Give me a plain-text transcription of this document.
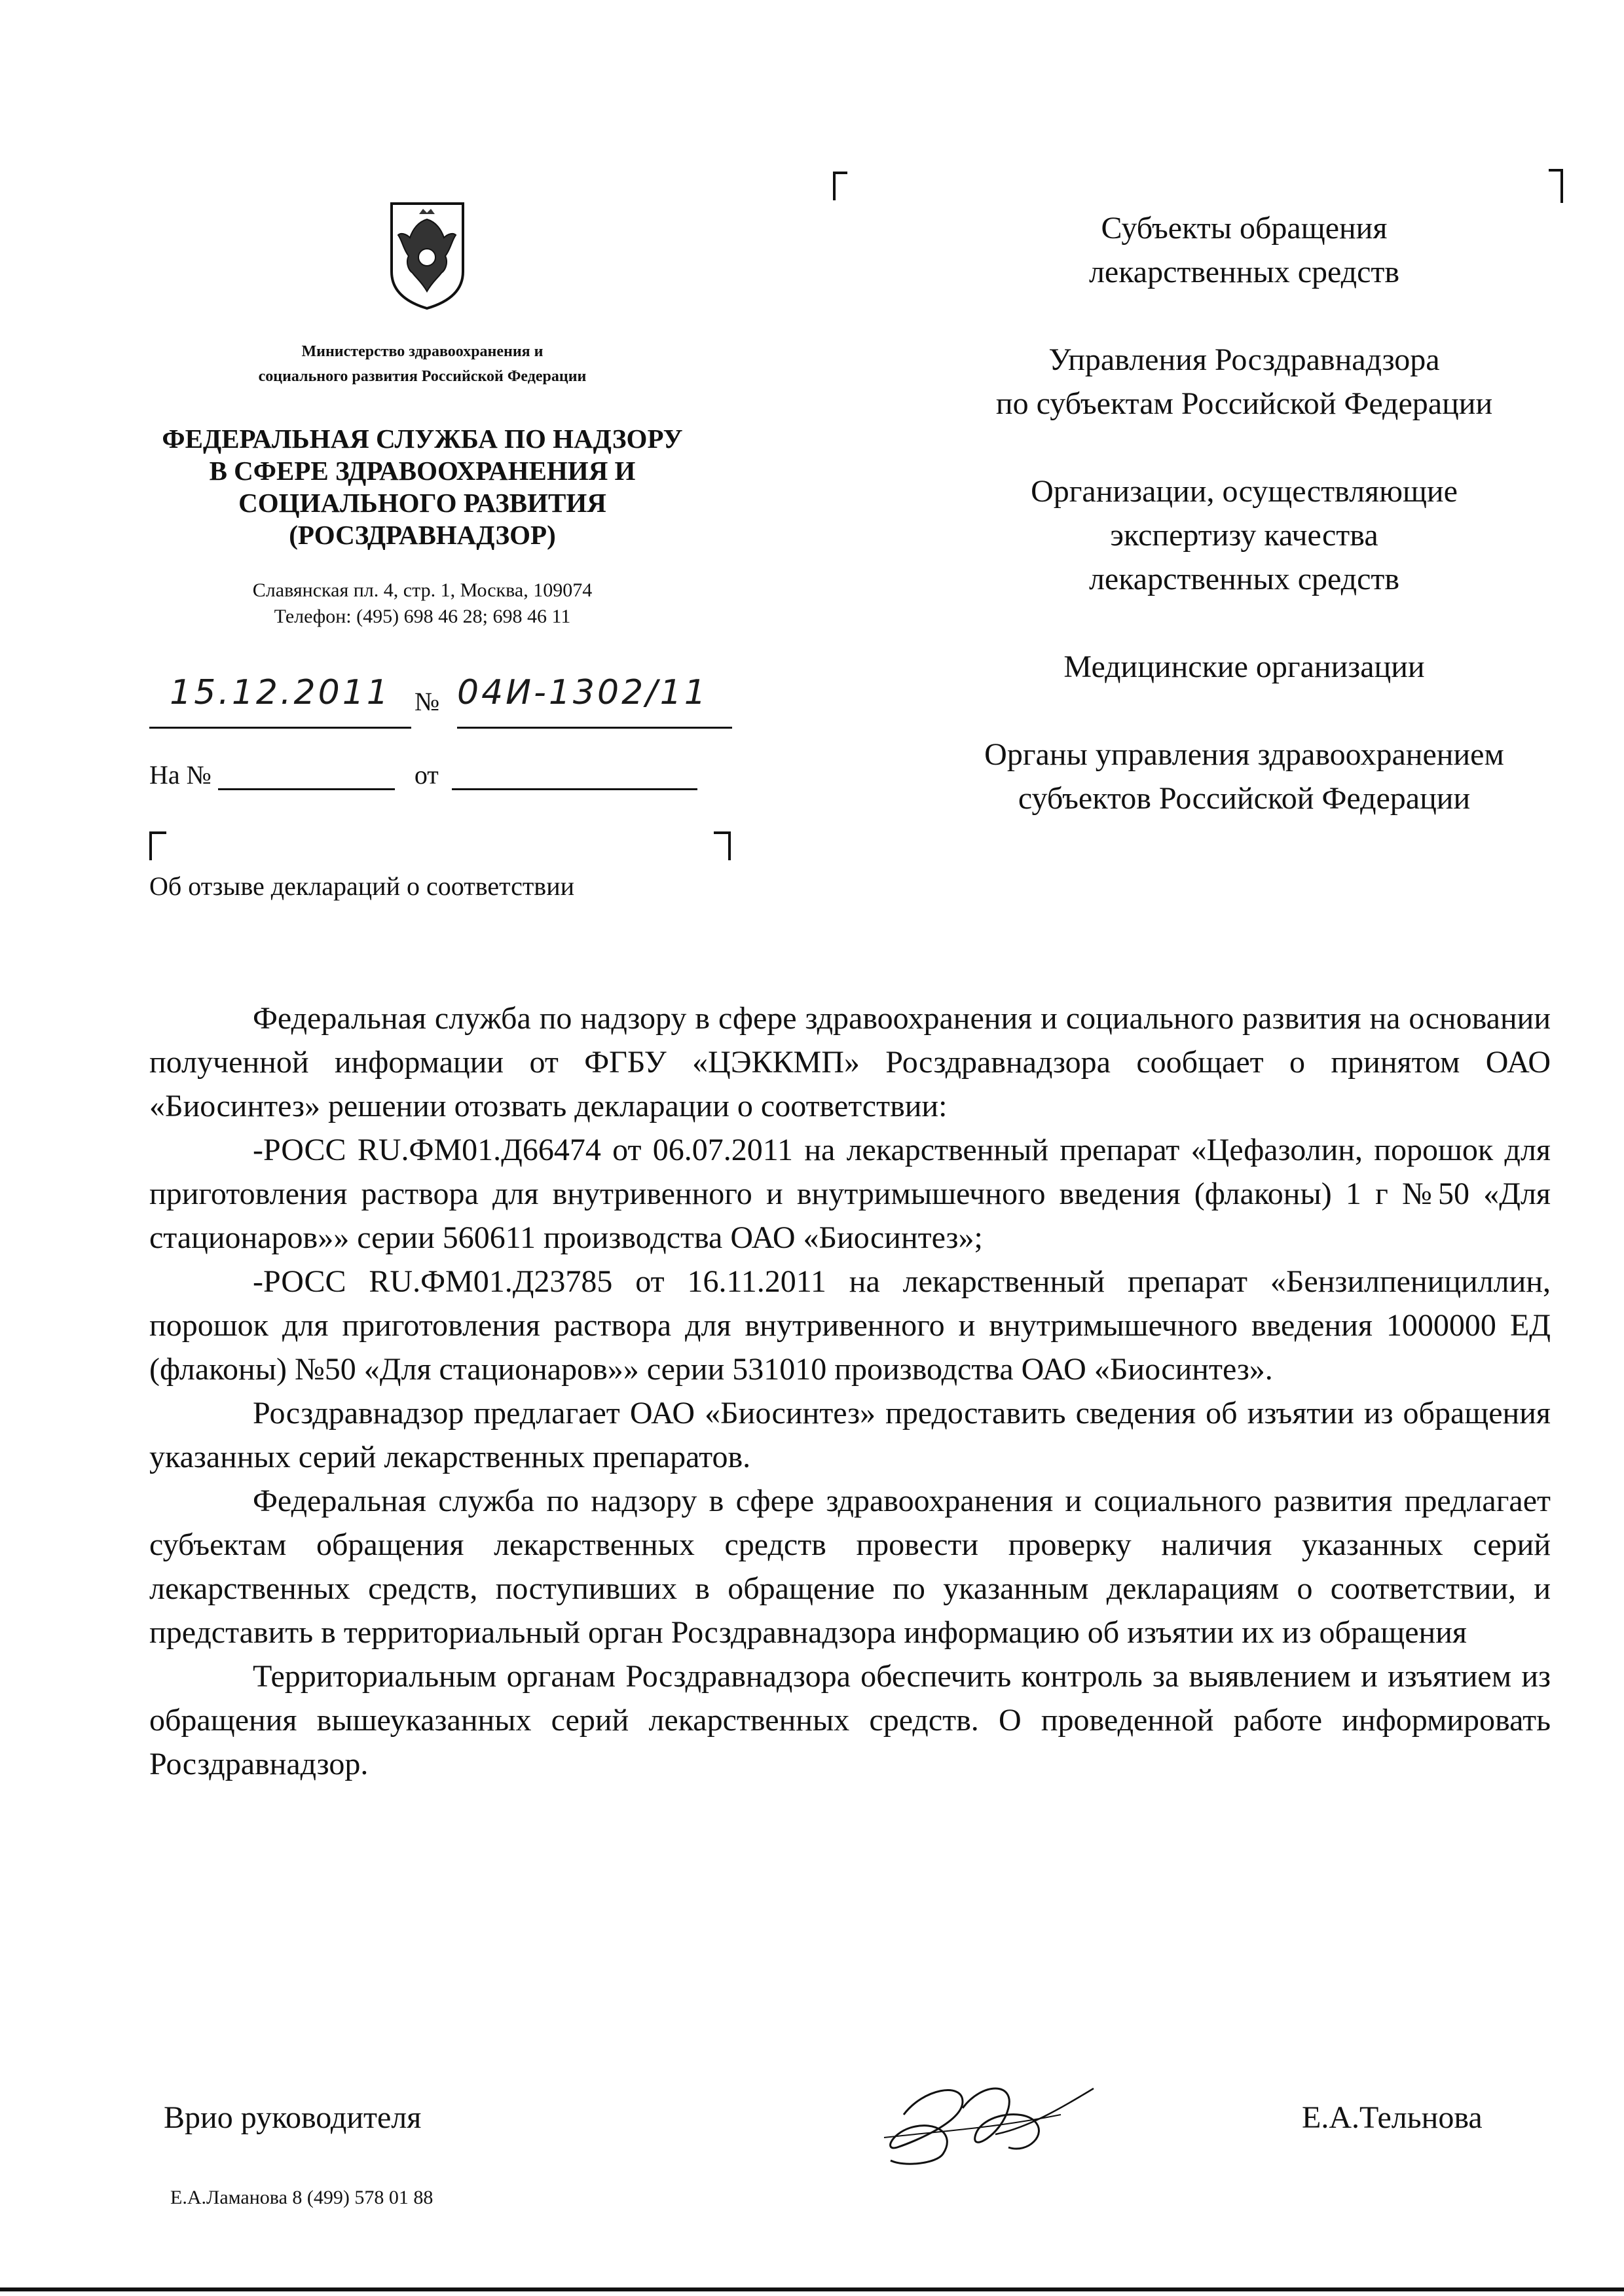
Министерство здравоохранения и
социального развития Российской Федерации
ФЕДЕРАЛЬНАЯ СЛУЖБА ПО НАДЗОРУ
В СФЕРЕ ЗДРАВООХРАНЕНИЯ И
СОЦИАЛЬНОГО РАЗВИТИЯ
(РОСЗДРАВНАДЗОР)
Славянская пл. 4, стр. 1, Москва, 109074
Телефон: (495) 698 46 28; 698 46 11
15.12.2011 № 04И-1302/11
На №	от
Об отзыве деклараций о соответствии
Субъекты обращения
лекарственных средств
Управления Росздравнадзора
по субъектам Российской Федерации
Организации, осуществляющие
экспертизу качества
лекарственных средств
Медицинские организации
Органы управления здравоохранением
субъектов Российской Федерации

Федеральная служба по надзору в сфере здравоохранения и социального развития на основании полученной информации от ФГБУ «ЦЭККМП» Росздравнадзора сообщает о принятом ОАО «Биосинтез» решении отозвать декларации о соответствии:

-РОСС RU.ФМ01.Д66474 от 06.07.2011 на лекарственный препарат «Цефазолин, порошок для приготовления раствора для внутривенного и внутримышечного введения (флаконы) 1 г №50 «Для стационаров»» серии 560611 производства ОАО «Биосинтез»;

-РОСС RU.ФМ01.Д23785 от 16.11.2011 на лекарственный препарат «Бензилпенициллин, порошок для приготовления раствора для внутривенного и внутримышечного введения 1000000 ЕД (флаконы) №50 «Для стационаров»» серии 531010 производства ОАО «Биосинтез».

Росздравнадзор предлагает ОАО «Биосинтез» предоставить сведения об изъятии из обращения указанных серий лекарственных препаратов.

Федеральная служба по надзору в сфере здравоохранения и социального развития предлагает субъектам обращения лекарственных средств провести проверку наличия указанных серий лекарственных средств, поступивших в обращение по указанным декларациям о соответствии, и представить в территориальный орган Росздравнадзора информацию об изъятии их из обращения

Территориальным органам Росздравнадзора обеспечить контроль за выявлением и изъятием из обращения вышеуказанных серий лекарственных средств. О проведенной работе информировать Росздравнадзор.

Врио руководителя	Е.А.Тельнова
Е.А.Ламанова 8 (499) 578 01 88
